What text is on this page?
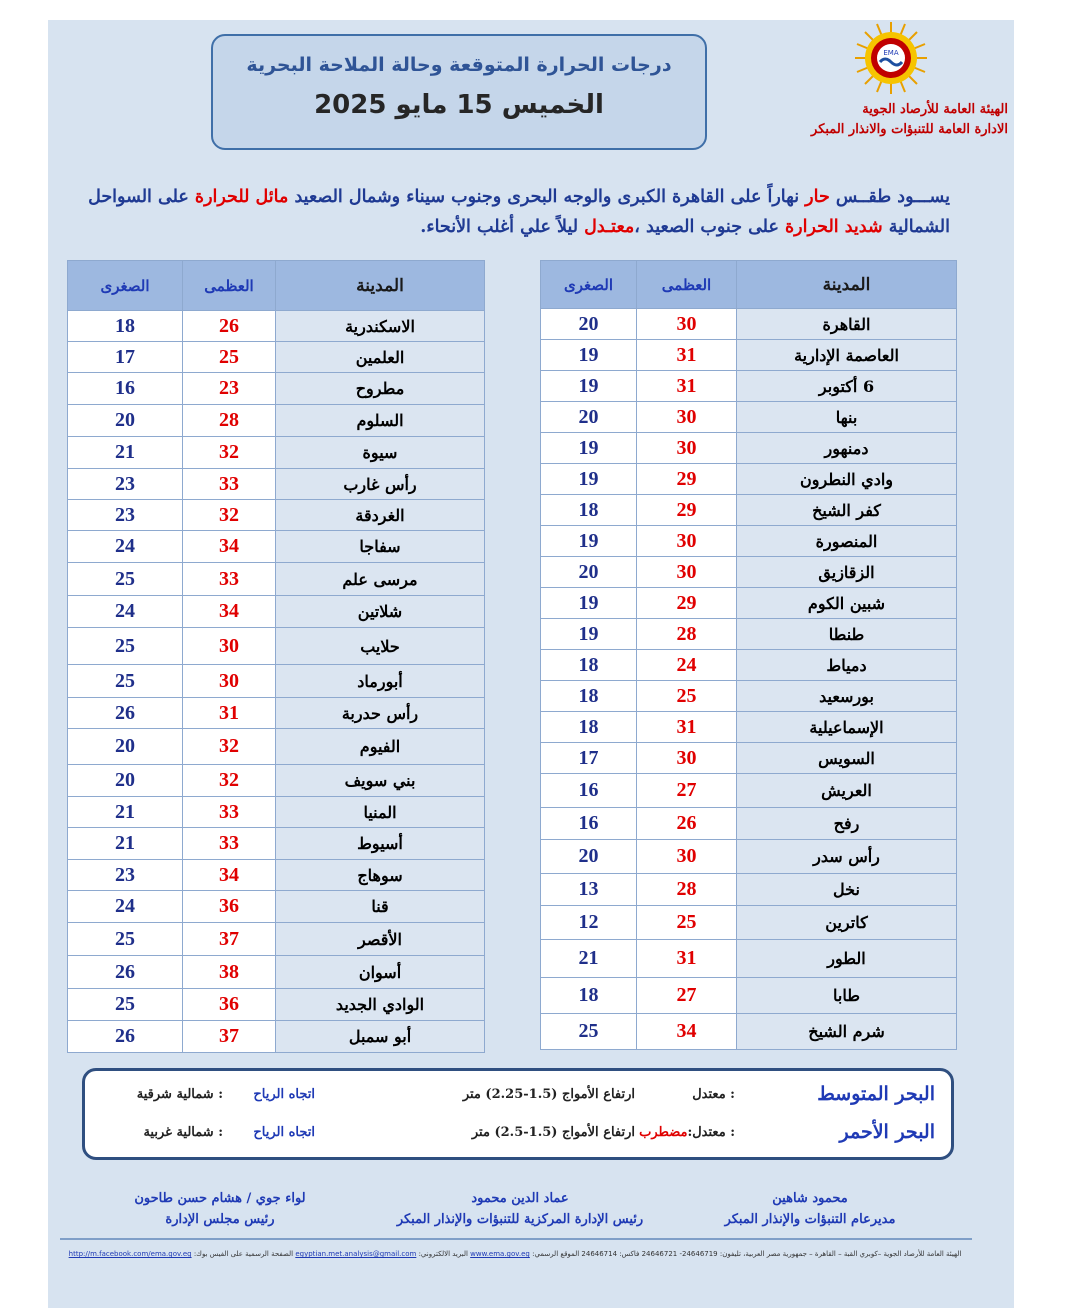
EMA
الهيئة العامة للأرصاد الجوية
الادارة العامة للتنبؤات والانذار المبكر
درجات الحرارة المتوقعة وحالة الملاحة البحرية
الخميس 15 مايو 2025
يســـود طقــس حار نهاراً على القاهرة الكبرى والوجه البحرى وجنوب سيناء وشمال الصعيد مائل للحرارة على السواحل الشمالية شديد الحرارة على جنوب الصعيد ،معتـدل ليلاً علي أغلب الأنحاء.
المدينة	العظمى	الصغرى
القاهرة	30	20
العاصمة الإدارية	31	19
6 أكتوبر	31	19
بنها	30	20
دمنهور	30	19
وادي النطرون	29	19
كفر الشيخ	29	18
المنصورة	30	19
الزقازيق	30	20
شبين الكوم	29	19
طنطا	28	19
دمياط	24	18
بورسعيد	25	18
الإسماعيلية	31	18
السويس	30	17
العريش	27	16
رفح	26	16
رأس سدر	30	20
نخل	28	13
كاترين	25	12
الطور	31	21
طابا	27	18
شرم الشيخ	34	25
المدينة	العظمى	الصغرى
الاسكندرية	26	18
العلمين	25	17
مطروح	23	16
السلوم	28	20
سيوة	32	21
رأس غارب	33	23
الغردقة	32	23
سفاجا	34	24
مرسى علم	33	25
شلاتين	34	24
حلايب	30	25
أبورماد	30	25
رأس حدربة	31	26
الفيوم	32	20
بني سويف	32	20
المنيا	33	21
أسيوط	33	21
سوهاج	34	23
قنا	36	24
الأقصر	37	25
أسوان	38	26
الوادي الجديد	36	25
أبو سمبل	37	26
البحر المتوسط
: معتدل
ارتفاع الأمواج (1.5-2.25) متر
اتجاه الرياح
: شمالية شرقية
البحر الأحمر
: معتدل:مضطرب
ارتفاع الأمواج (1.5-2.5) متر
اتجاه الرياح
: شمالية غربية
محمود شاهين
مديرعام التنبؤات والإنذار المبكر
عماد الدين محمود
رئيس الإدارة المركزية للتنبؤات والإنذار المبكر
لواء جوي / هشام حسن طاحون
رئيس مجلس الإدارة
الهيئة العامة للأرصاد الجوية –كوبري القبة – القاهرة – جمهورية مصر العربية، تليفون: 24646719- 24646721 فاكس: 24646714 الموقع الرسمي: www.ema.gov.eg البريد الالكتروني: egyptian.met.analysis@gmail.com الصفحة الرسمية على الفيس بوك: http://m.facebook.com/ema.gov.eg
